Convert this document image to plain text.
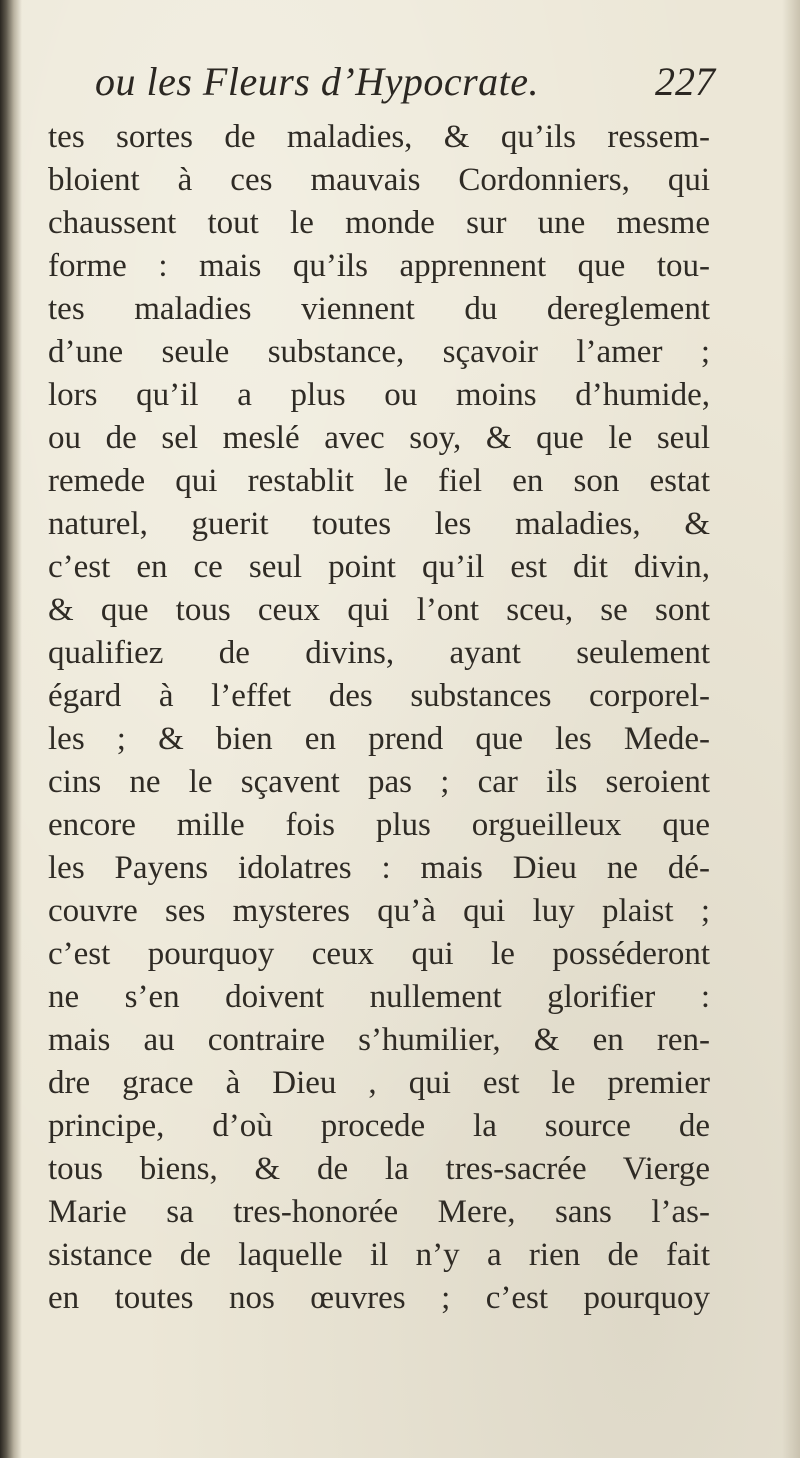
ou les Fleurs d’Hypocrate.	227
tes sortes de maladies, & qu’ils ressem-
bloient à ces mauvais Cordonniers, qui
chaussent tout le monde sur une mesme
forme : mais qu’ils apprennent que tou-
tes maladies viennent du dereglement
d’une seule substance, sçavoir l’amer ;
lors qu’il a plus ou moins d’humide,
ou de sel meslé avec soy, & que le seul
remede qui restablit le fiel en son estat
naturel, guerit toutes les maladies, &
c’est en ce seul point qu’il est dit divin,
& que tous ceux qui l’ont sceu, se sont
qualifiez de divins, ayant seulement
égard à l’effet des substances corporel-
les ; & bien en prend que les Mede-
cins ne le sçavent pas ; car ils seroient
encore mille fois plus orgueilleux que
les Payens idolatres : mais Dieu ne dé-
couvre ses mysteres qu’à qui luy plaist ;
c’est pourquoy ceux qui le posséderont
ne s’en doivent nullement glorifier :
mais au contraire s’humilier, & en ren-
dre grace à Dieu , qui est le premier
principe, d’où procede la source de
tous biens, & de la tres-sacrée Vierge
Marie sa tres-honorée Mere, sans l’as-
sistance de laquelle il n’y a rien de fait
en toutes nos œuvres ; c’est pourquoy
